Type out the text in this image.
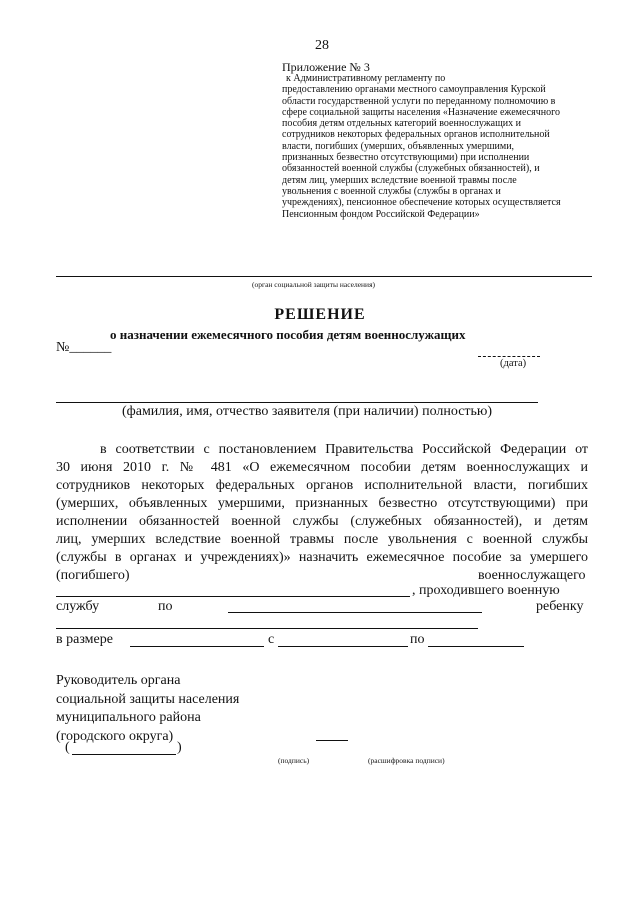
28
Приложение № 3
к Административному регламенту по
предоставлению органами местного самоуправления Курской
области государственной услуги по переданному полномочию в
сфере социальной защиты населения «Назначение ежемесячного
пособия детям отдельных категорий военнослужащих и
сотрудников некоторых федеральных органов исполнительной
власти, погибших (умерших, объявленных умершими,
признанных безвестно отсутствующими) при исполнении
обязанностей военной службы (служебных обязанностей), и
детям лиц, умерших вследствие военной травмы после
увольнения с военной службы (службы в органах и
учреждениях), пенсионное обеспечение которых осуществляется
Пенсионным фондом Российской Федерации»
(орган социальной защиты населения)
РЕШЕНИЕ
о назначении ежемесячного пособия детям военнослужащих
№______
(дата)
(фамилия, имя, отчество заявителя (при наличии) полностью)
в соответствии с постановлением Правительства Российской Федерации от
30 июня 2010 г. № 481 «О ежемесячном пособии детям военнослужащих и
сотрудников некоторых федеральных органов исполнительной власти, погибших
(умерших, объявленных умершими, признанных безвестно отсутствующими) при
исполнении обязанностей военной службы (служебных обязанностей), и детям
лиц, умерших вследствие военной травмы после увольнения с военной службы
(службы в органах и учреждениях)» назначить ежемесячное пособие за умершего
(погибшего)	военнослужащего
, проходившего военную
службу	по	ребенку
в размере	с	по
Руководитель органа
социальной защиты населения
муниципального района
(городского округа)
(	)
(подпись)	(расшифровка подписи)
